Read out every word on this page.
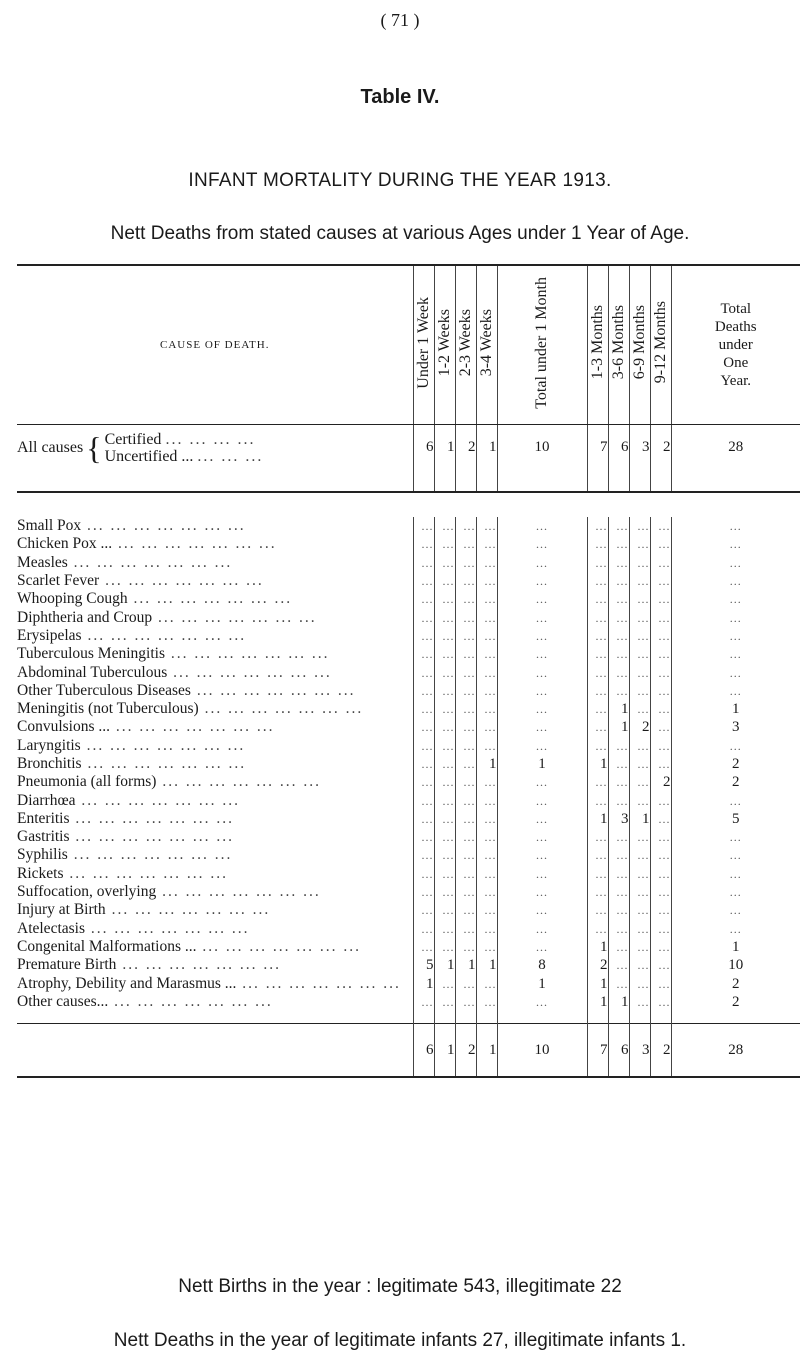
( 71 )
Table IV.
INFANT MORTALITY DURING THE YEAR 1913.
Nett Deaths from stated causes at various Ages under 1 Year of Age.
CAUSE OF DEATH.	Under 1 Week	1-2 Weeks	2-3 Weeks	3-4 Weeks	Total under 1 Month	1-3 Months	3-6 Months	6-9 Months	9-12 Months	Total
Deaths
under
One
Year.

All causes { Certified ... ... ... ...
Uncertified ... ... ... ...	6	1	2	1	10	7	6	3	2	28

Small Pox ... ... ... ... ... ... ...	...	...	...	...	...	...	...	...	...	...
Chicken Pox ... ... ... ... ... ... ... ...	...	...	...	...	...	...	...	...	...	...
Measles ... ... ... ... ... ... ...	...	...	...	...	...	...	...	...	...	...
Scarlet Fever ... ... ... ... ... ... ...	...	...	...	...	...	...	...	...	...	...
Whooping Cough ... ... ... ... ... ... ...	...	...	...	...	...	...	...	...	...	...
Diphtheria and Croup ... ... ... ... ... ... ...	...	...	...	...	...	...	...	...	...	...
Erysipelas ... ... ... ... ... ... ...	...	...	...	...	...	...	...	...	...	...
Tuberculous Meningitis ... ... ... ... ... ... ...	...	...	...	...	...	...	...	...	...	...
Abdominal Tuberculous ... ... ... ... ... ... ...	...	...	...	...	...	...	...	...	...	...
Other Tuberculous Diseases ... ... ... ... ... ... ...	...	...	...	...	...	...	...	...	...	...
Meningitis (not Tuberculous) ... ... ... ... ... ... ...	...	...	...	...	...	...	1	...	...	1
Convulsions ... ... ... ... ... ... ... ...	...	...	...	...	...	...	1	2	...	3
Laryngitis ... ... ... ... ... ... ...	...	...	...	...	...	...	...	...	...	...
Bronchitis ... ... ... ... ... ... ...	...	...	...	1	1	1	...	...	...	2
Pneumonia (all forms) ... ... ... ... ... ... ...	...	...	...	...	...	...	...	...	2	2
Diarrhœa ... ... ... ... ... ... ...	...	...	...	...	...	...	...	...	...	...
Enteritis ... ... ... ... ... ... ...	...	...	...	...	...	1	3	1	...	5
Gastritis ... ... ... ... ... ... ...	...	...	...	...	...	...	...	...	...	...
Syphilis ... ... ... ... ... ... ...	...	...	...	...	...	...	...	...	...	...
Rickets ... ... ... ... ... ... ...	...	...	...	...	...	...	...	...	...	...
Suffocation, overlying ... ... ... ... ... ... ...	...	...	...	...	...	...	...	...	...	...
Injury at Birth ... ... ... ... ... ... ...	...	...	...	...	...	...	...	...	...	...
Atelectasis ... ... ... ... ... ... ...	...	...	...	...	...	...	...	...	...	...
Congenital Malformations ... ... ... ... ... ... ... ...	...	...	...	...	...	1	...	...	...	1
Premature Birth ... ... ... ... ... ... ...	5	1	1	1	8	2	...	...	...	10
Atrophy, Debility and Marasmus ... ... ... ... ... ... ... ...	1	...	...	...	1	1	...	...	...	2
Other causes... ... ... ... ... ... ... ...	...	...	...	...	...	1	1	...	...	2
	6	1	2	1	10	7	6	3	2	28
Nett Births in the year : legitimate 543, illegitimate 22
Nett Deaths in the year of legitimate infants 27, illegitimate infants 1.
